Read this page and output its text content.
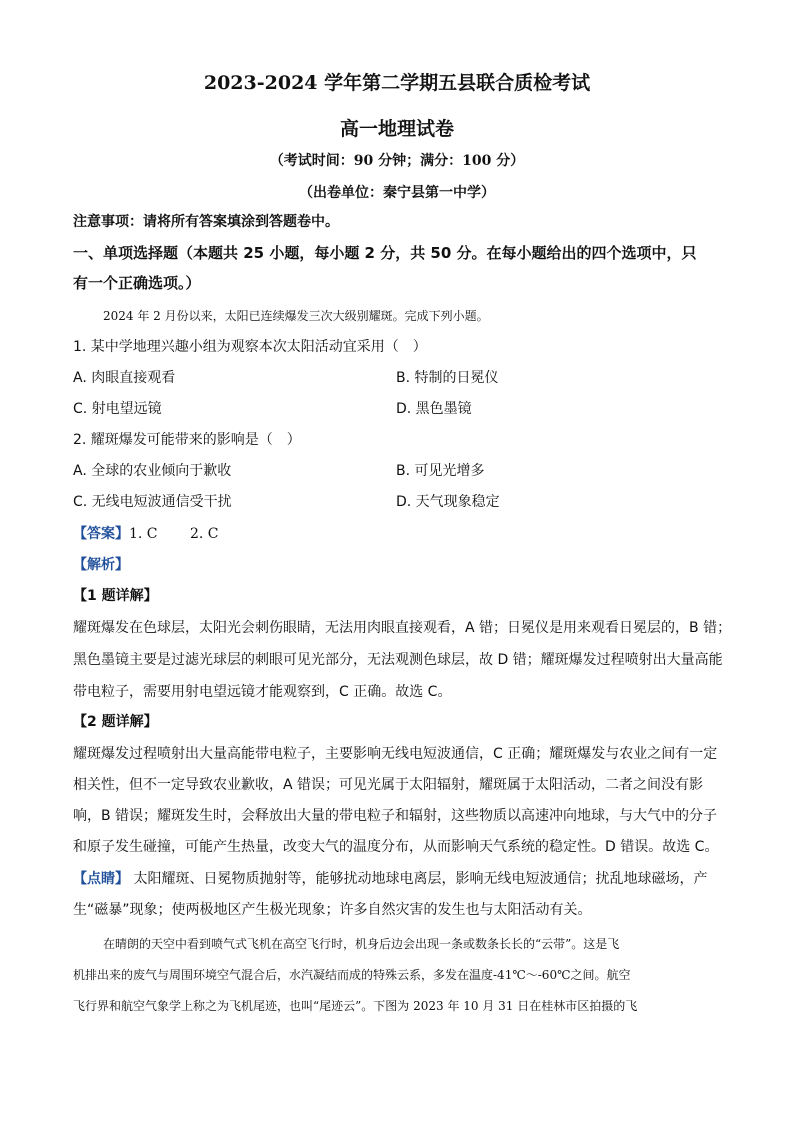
2023-2024 学年第二学期五县联合质检考试
高一地理试卷
（考试时间：90 分钟；满分：100 分）
（出卷单位：秦宁县第一中学）
注意事项：请将所有答案填涂到答题卷中。
一、单项选择题（本题共 25 小题，每小题 2 分，共 50 分。在每小题给出的四个选项中，只
有一个正确选项。）
2024 年 2 月份以来，太阳已连续爆发三次大级别耀斑。完成下列小题。
1. 某中学地理兴趣小组为观察本次太阳活动宜采用（　）
A. 肉眼直接观看	B. 特制的日冕仪
C. 射电望远镜	D. 黑色墨镜
2. 耀斑爆发可能带来的影响是（　）
A. 全球的农业倾向于歉收	B. 可见光增多
C. 无线电短波通信受干扰	D. 天气现象稳定
【答案】1. C　　 2. C
【解析】
【1 题详解】
耀斑爆发在色球层，太阳光会刺伤眼睛，无法用肉眼直接观看，A 错；日冕仪是用来观看日冕层的，B 错；
黑色墨镜主要是过滤光球层的刺眼可见光部分，无法观测色球层，故 D 错；耀斑爆发过程喷射出大量高能
带电粒子，需要用射电望远镜才能观察到，C 正确。故选 C。
【2 题详解】
耀斑爆发过程喷射出大量高能带电粒子，主要影响无线电短波通信，C 正确；耀斑爆发与农业之间有一定
相关性，但不一定导致农业歉收，A 错误；可见光属于太阳辐射，耀斑属于太阳活动，二者之间没有影
响，B 错误；耀斑发生时，会释放出大量的带电粒子和辐射，这些物质以高速冲向地球，与大气中的分子
和原子发生碰撞，可能产生热量，改变大气的温度分布，从而影响天气系统的稳定性。D 错误。故选 C。
【点睛】 太阳耀斑、日冕物质抛射等，能够扰动地球电离层，影响无线电短波通信；扰乱地球磁场，产
生“磁暴”现象；使两极地区产生极光现象；许多自然灾害的发生也与太阳活动有关。
在晴朗的天空中看到喷气式飞机在高空飞行时，机身后边会出现一条或数条长长的“云带”。这是飞
机排出来的废气与周围环境空气混合后，水汽凝结而成的特殊云系，多发在温度-41℃～-60℃之间。航空
飞行界和航空气象学上称之为飞机尾迹，也叫“尾迹云”。下图为 2023 年 10 月 31 日在桂林市区拍摄的飞
